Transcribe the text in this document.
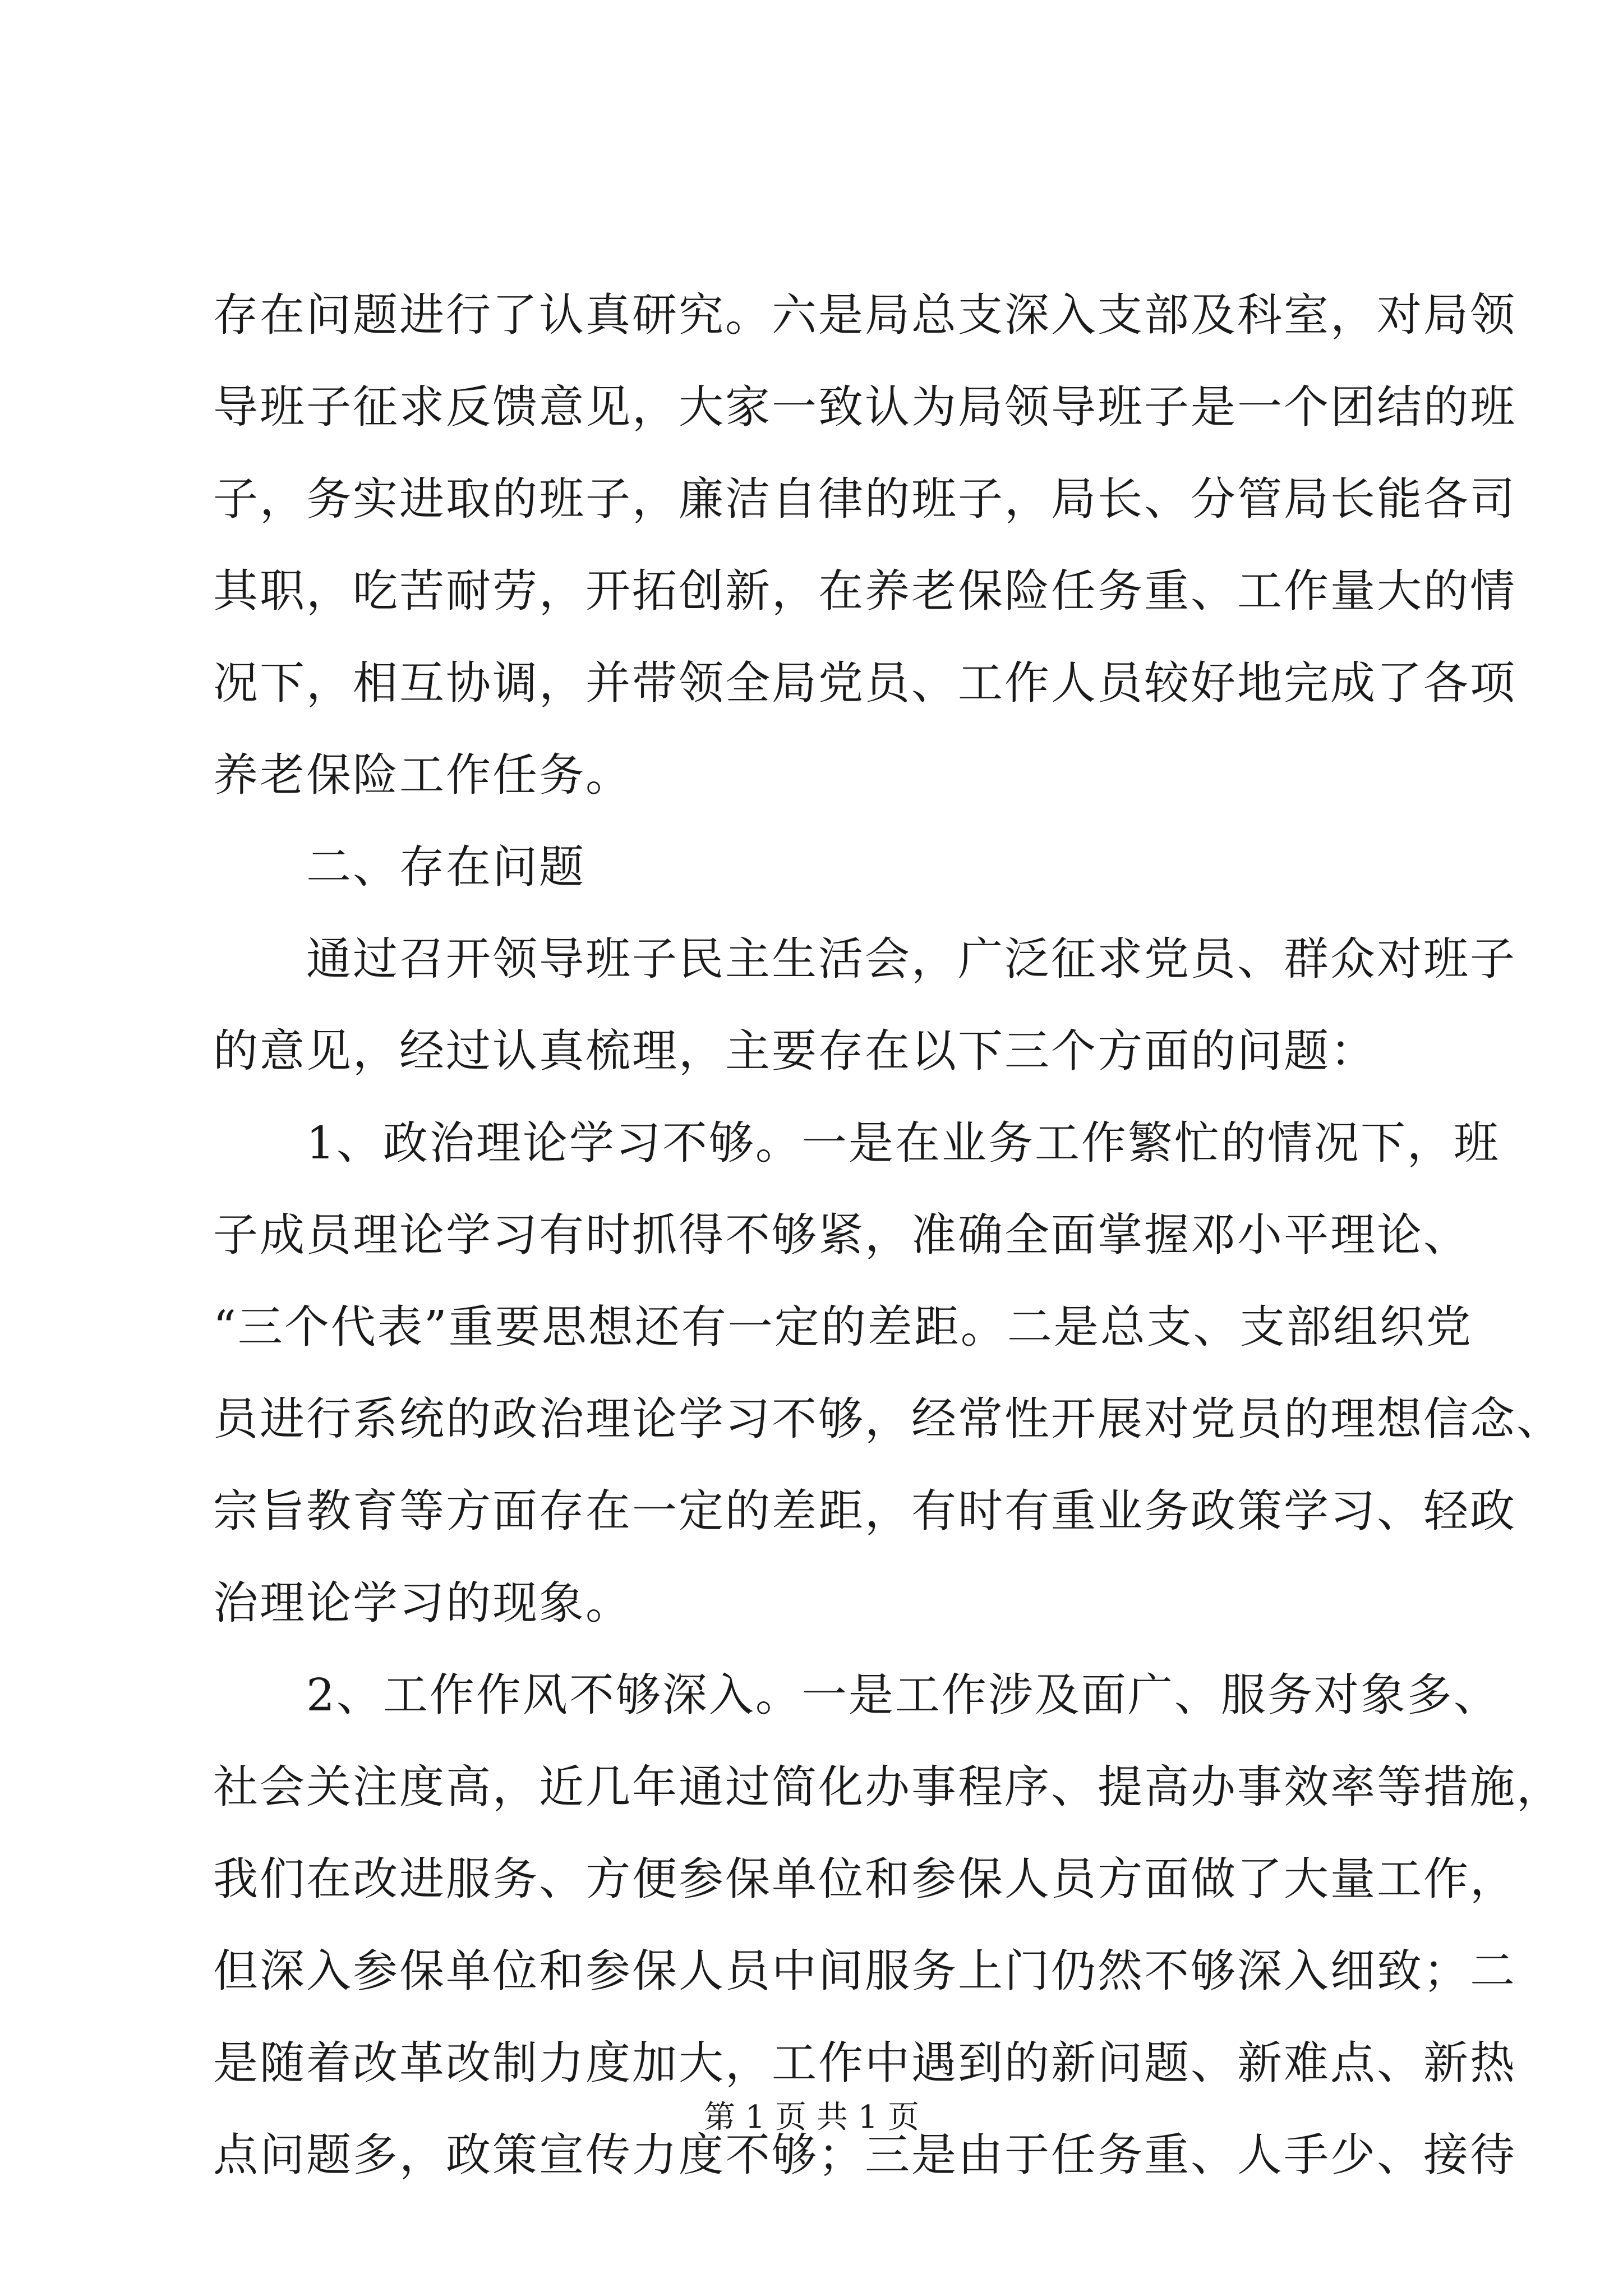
存在问题进行了认真研究。六是局总支深入支部及科室，对局领
导班子征求反馈意见，大家一致认为局领导班子是一个团结的班
子，务实进取的班子，廉洁自律的班子，局长、分管局长能各司
其职，吃苦耐劳，开拓创新，在养老保险任务重、工作量大的情
况下，相互协调，并带领全局党员、工作人员较好地完成了各项
养老保险工作任务。
二、存在问题
通过召开领导班子民主生活会，广泛征求党员、群众对班子
的意见，经过认真梳理，主要存在以下三个方面的问题：
1、政治理论学习不够。一是在业务工作繁忙的情况下，班
子成员理论学习有时抓得不够紧，准确全面掌握邓小平理论、
“三个代表”重要思想还有一定的差距。二是总支、支部组织党
员进行系统的政治理论学习不够，经常性开展对党员的理想信念、
宗旨教育等方面存在一定的差距，有时有重业务政策学习、轻政
治理论学习的现象。
2、工作作风不够深入。一是工作涉及面广、服务对象多、
社会关注度高，近几年通过简化办事程序、提高办事效率等措施，
我们在改进服务、方便参保单位和参保人员方面做了大量工作，
但深入参保单位和参保人员中间服务上门仍然不够深入细致；二
是随着改革改制力度加大，工作中遇到的新问题、新难点、新热
点问题多，政策宣传力度不够；三是由于任务重、人手少、接待
第 1 页 共 1 页
